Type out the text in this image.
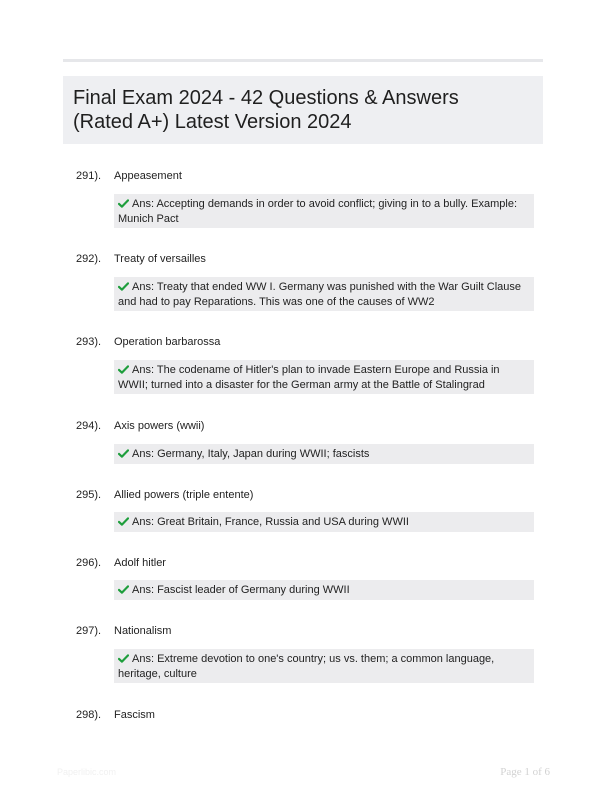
Final Exam 2024 - 42 Questions & Answers
(Rated A+) Latest Version 2024
291). Appeasement
Ans: Accepting demands in order to avoid conflict; giving in to a bully. Example: Munich Pact
292). Treaty of versailles
Ans: Treaty that ended WW I. Germany was punished with the War Guilt Clause and had to pay Reparations. This was one of the causes of WW2
293). Operation barbarossa
Ans: The codename of Hitler's plan to invade Eastern Europe and Russia in WWII; turned into a disaster for the German army at the Battle of Stalingrad
294). Axis powers (wwii)
Ans: Germany, Italy, Japan during WWII; fascists
295). Allied powers (triple entente)
Ans: Great Britain, France, Russia and USA during WWII
296). Adolf hitler
Ans: Fascist leader of Germany during WWII
297). Nationalism
Ans: Extreme devotion to one's country; us vs. them; a common language, heritage, culture
298). Fascism
Paperlibic.com	Page 1 of 6
